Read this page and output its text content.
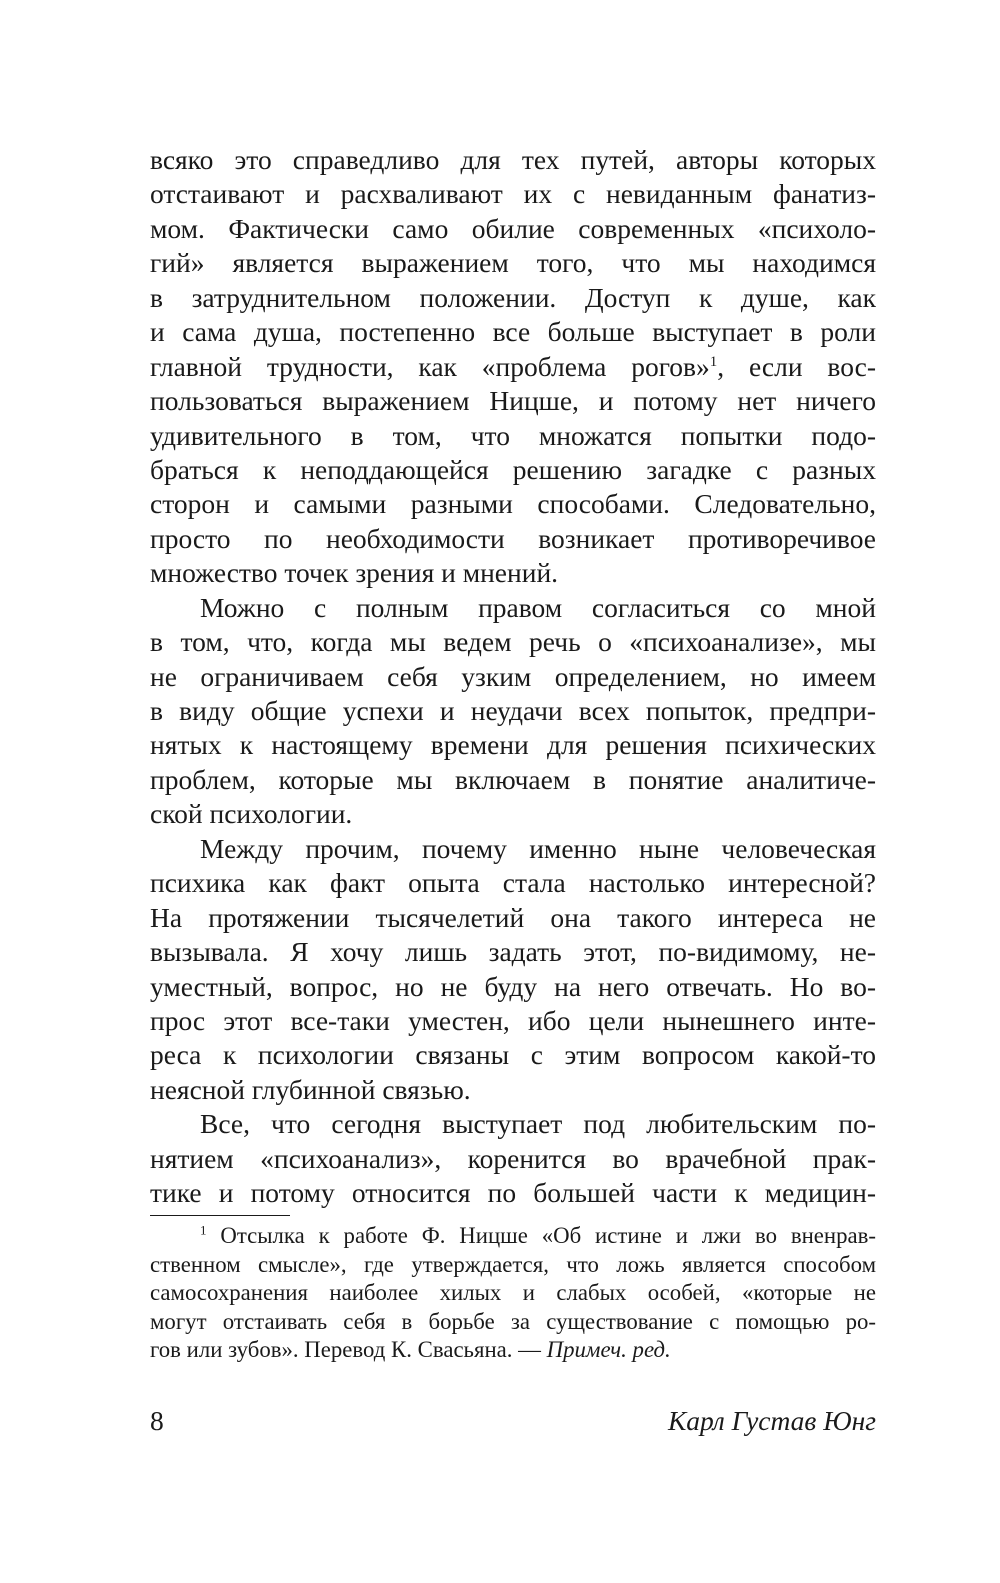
всяко это справедливо для тех путей, авторы которых
отстаивают и расхваливают их с невиданным фанатиз-
мом. Фактически само обилие современных «психоло-
гий» является выражением того, что мы находимся
в затруднительном положении. Доступ к душе, как
и сама душа, постепенно все больше выступает в роли
главной трудности, как «проблема рогов»$^1$, если вос-
пользоваться выражением Ницше, и потому нет ничего
удивительного в том, что множатся попытки подо-
браться к неподдающейся решению загадке с разных
сторон и самыми разными способами. Следовательно,
просто по необходимости возникает противоречивое
множество точек зрения и мнений.
Можно с полным правом согласиться со мной
в том, что, когда мы ведем речь о «психоанализе», мы
не ограничиваем себя узким определением, но имеем
в виду общие успехи и неудачи всех попыток, предпри-
нятых к настоящему времени для решения психических
проблем, которые мы включаем в понятие аналитиче-
ской психологии.
Между прочим, почему именно ныне человеческая
психика как факт опыта стала настолько интересной?
На протяжении тысячелетий она такого интереса не
вызывала. Я хочу лишь задать этот, по-видимому, не-
уместный, вопрос, но не буду на него отвечать. Но во-
прос этот все-таки уместен, ибо цели нынешнего инте-
реса к психологии связаны с этим вопросом какой-то
неясной глубинной связью.
Все, что сегодня выступает под любительским по-
нятием «психоанализ», коренится во врачебной прак-
тике и потому относится по большей части к медицин-
$^1$ Отсылка к работе Ф. Ницше «Об истине и лжи во вненрав-
ственном смысле», где утверждается, что ложь является способом
самосохранения наиболее хилых и слабых особей, «которые не
могут отстаивать себя в борьбе за существование с помощью ро-
гов или зубов». Перевод К. Свасьяна. — Примеч. ред.
8	Карл Густав Юнг
